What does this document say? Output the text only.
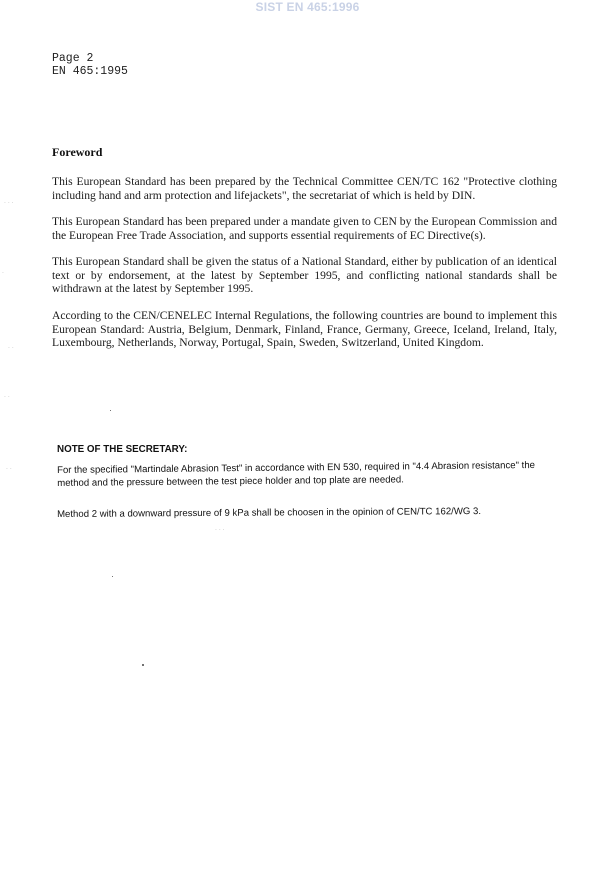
SIST EN 465:1996
Page 2
EN 465:1995
Foreword
This European Standard has been prepared by the Technical Committee CEN/TC 162 "Protective clothing including hand and arm protection and lifejackets", the secretariat of which is held by DIN.
This European Standard has been prepared under a mandate given to CEN by the European Commission and the European Free Trade Association, and supports essential requirements of EC Directive(s).
This European Standard shall be given the status of a National Standard, either by publication of an identical text or by endorsement, at the latest by September 1995, and conflicting national standards shall be withdrawn at the latest by September 1995.
According to the CEN/CENELEC Internal Regulations, the following countries are bound to implement this European Standard: Austria, Belgium, Denmark, Finland, France, Germany, Greece, Iceland, Ireland, Italy, Luxembourg, Netherlands, Norway, Portugal, Spain, Sweden, Switzerland, United Kingdom.
NOTE OF THE SECRETARY:
For the specified "Martindale Abrasion Test" in accordance with EN 530, required in "4.4 Abrasion resistance" the method and the pressure between the test piece holder and top plate are needed.
Method 2 with a downward pressure of 9 kPa shall be choosen in the opinion of CEN/TC 162/WG 3.
· · ·
·
· ·
· ·
· ·
· · ·
